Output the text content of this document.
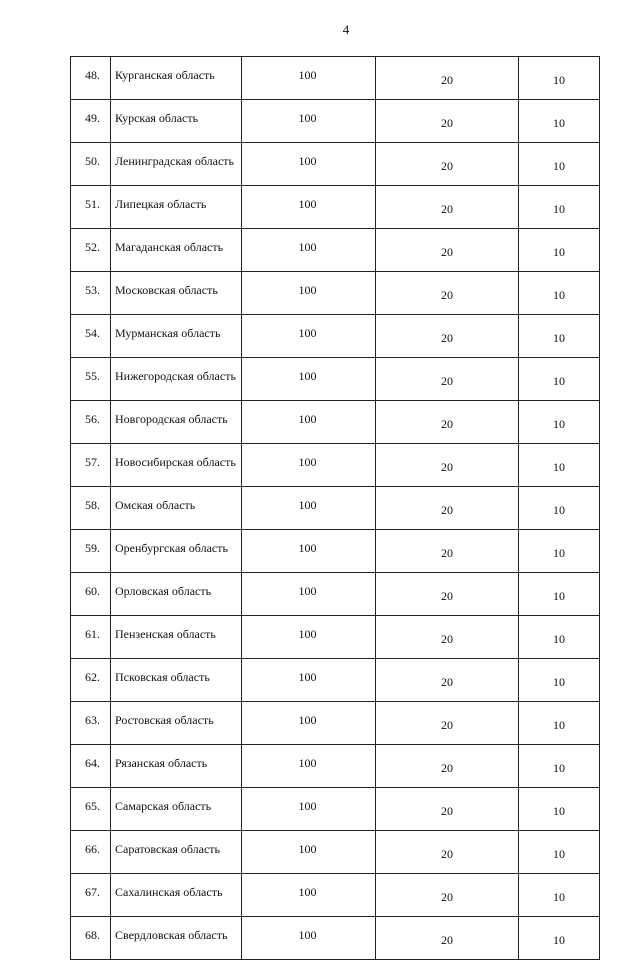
4
48.	Курганская область	100	20	10
49.	Курская область	100	20	10
50.	Ленинградская область	100	20	10
51.	Липецкая область	100	20	10
52.	Магаданская область	100	20	10
53.	Московская область	100	20	10
54.	Мурманская область	100	20	10
55.	Нижегородская область	100	20	10
56.	Новгородская область	100	20	10
57.	Новосибирская область	100	20	10
58.	Омская область	100	20	10
59.	Оренбургская область	100	20	10
60.	Орловская область	100	20	10
61.	Пензенская область	100	20	10
62.	Псковская область	100	20	10
63.	Ростовская область	100	20	10
64.	Рязанская область	100	20	10
65.	Самарская область	100	20	10
66.	Саратовская область	100	20	10
67.	Сахалинская область	100	20	10
68.	Свердловская область	100	20	10
